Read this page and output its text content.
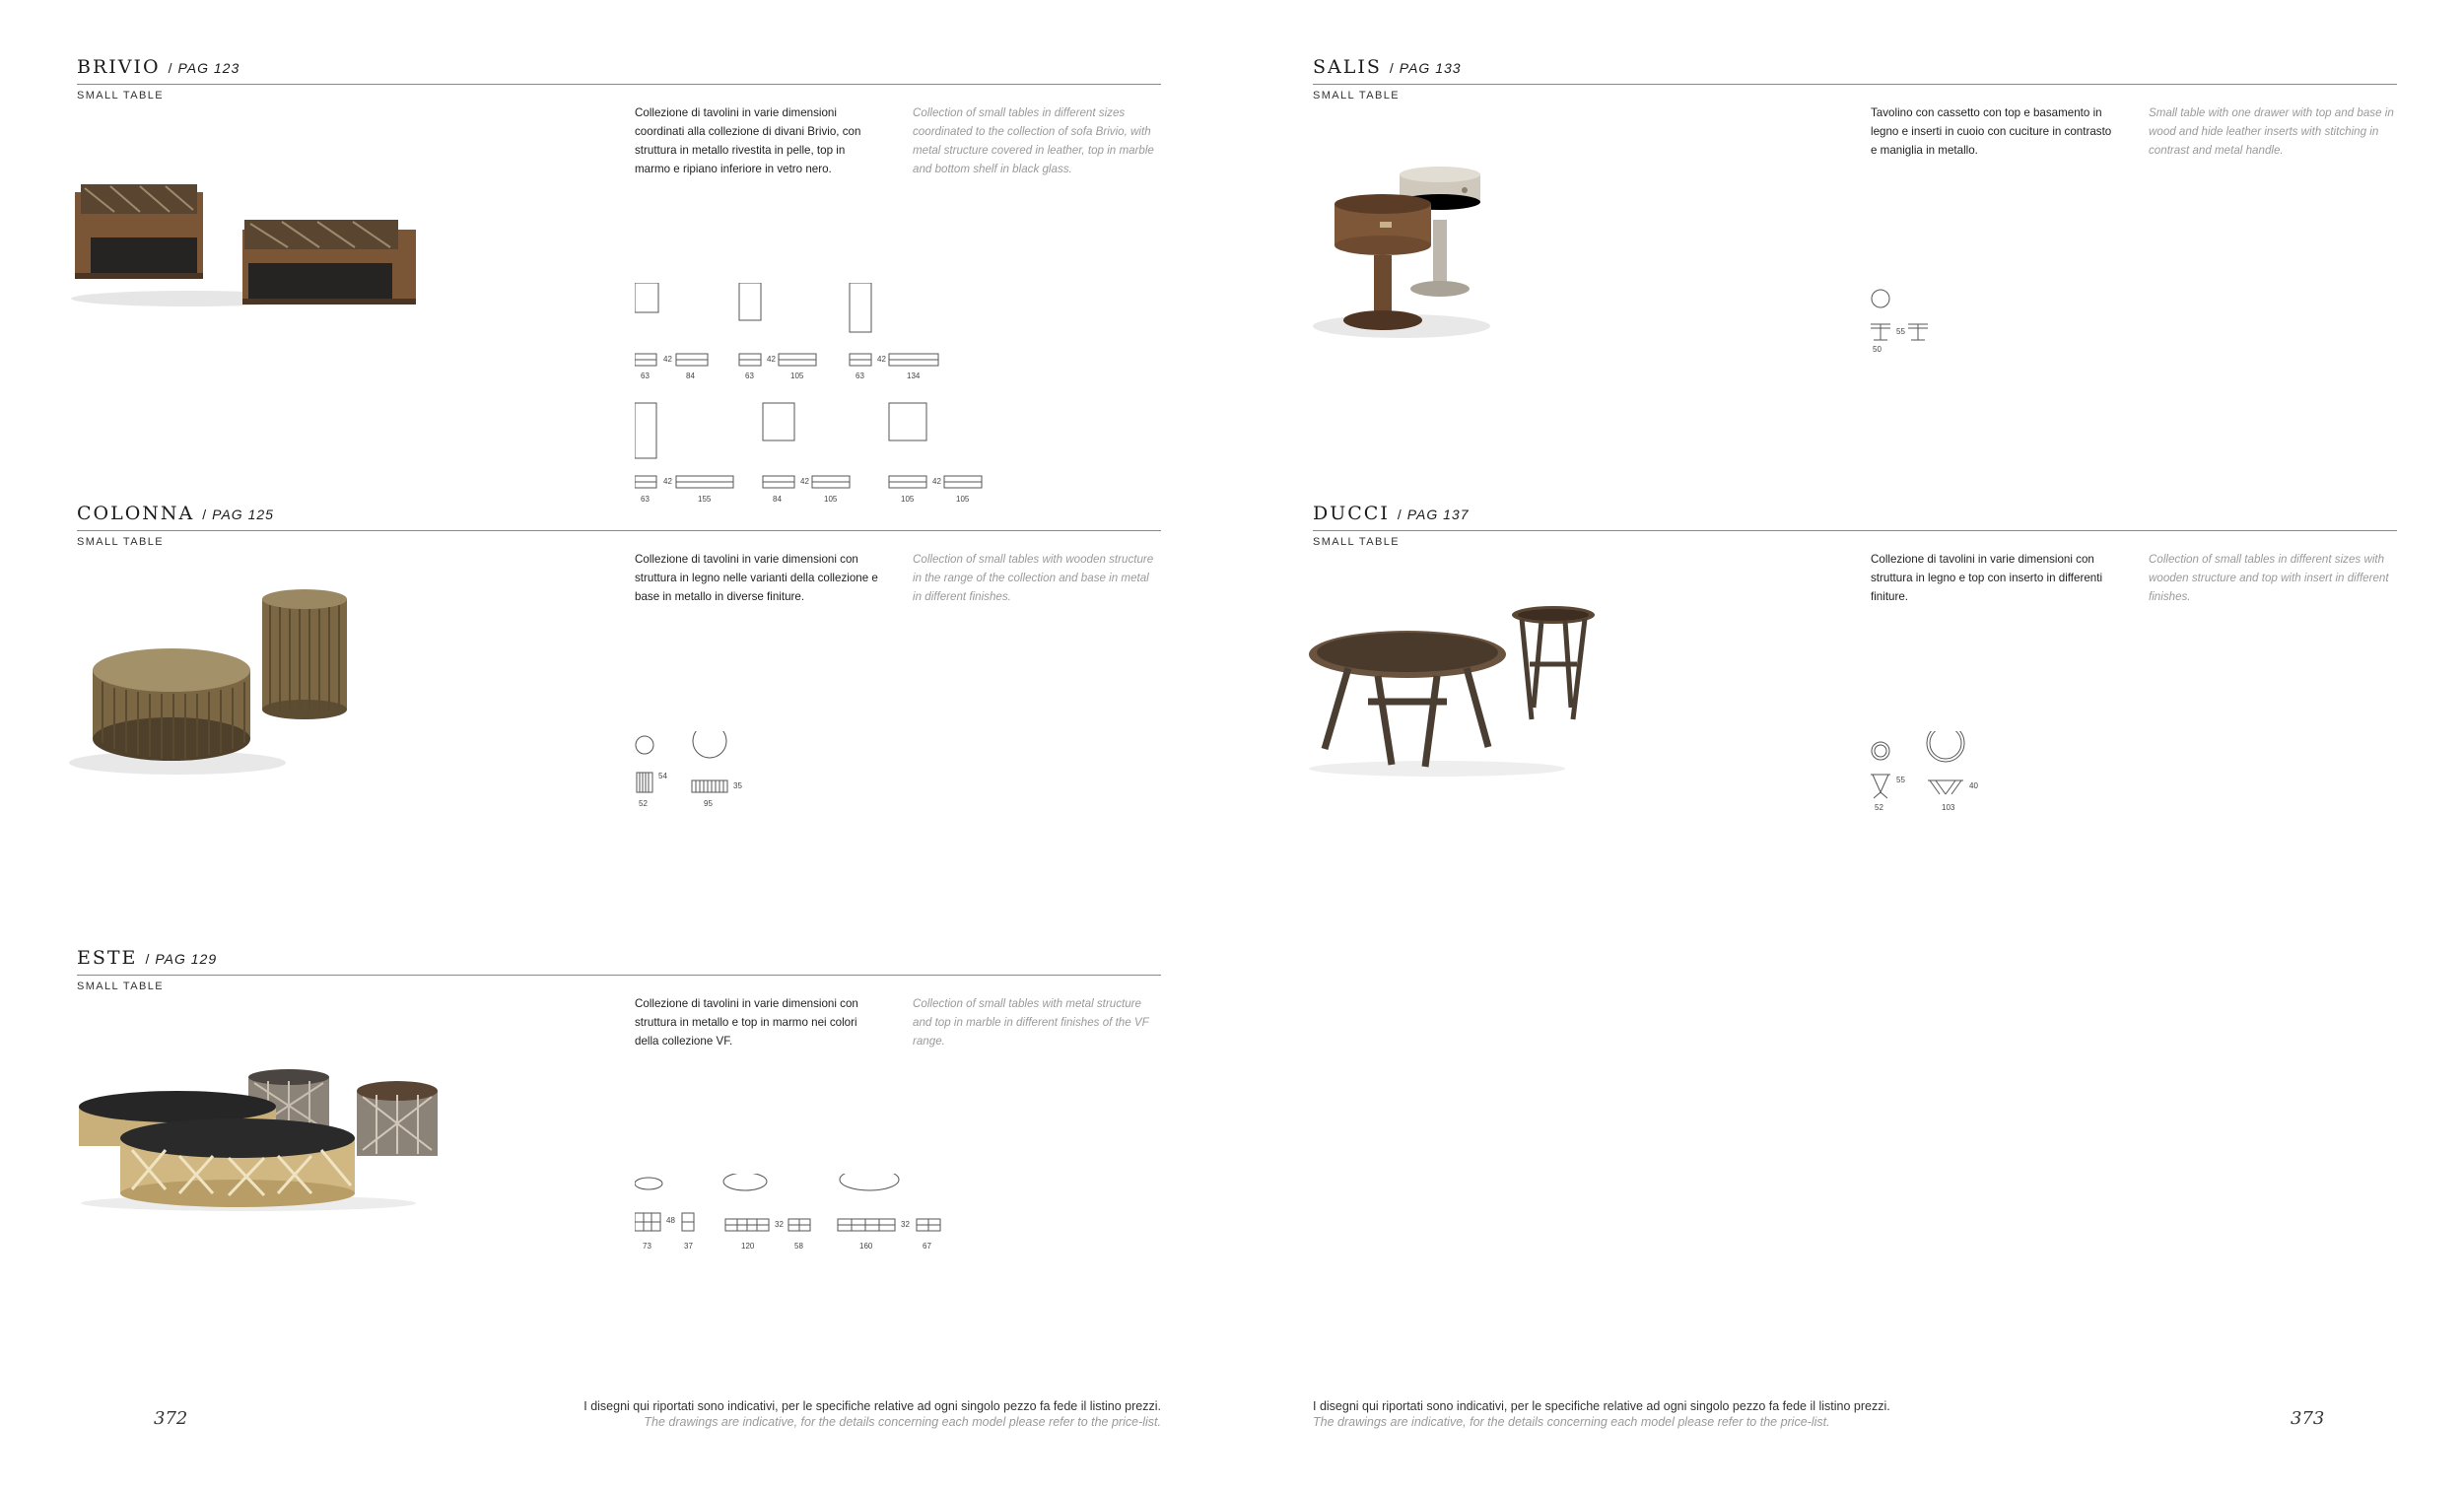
BRIVIO / PAG 123
SMALL TABLE
Collezione di tavolini in varie dimensioni coordinati alla collezione di divani Brivio, con struttura in metallo rivestita in pelle, top in marmo e ripiano inferiore in vetro nero.
Collection of small tables in different sizes coordinated to the collection of sofa Brivio, with metal structure covered in leather, top in marble and bottom shelf in black glass.
42
63	84
42
63	105
42
63	134
42
63	155
42
84	105
42
105	105
COLONNA / PAG 125
SMALL TABLE
Collezione di tavolini in varie dimensioni con struttura in legno nelle varianti della collezione e base in metallo in diverse finiture.
Collection of small tables with wooden structure in the range of the collection and base in metal in different finishes.
54
52
35
95
ESTE / PAG 129
SMALL TABLE
Collezione di tavolini in varie dimensioni con struttura in metallo e top in marmo nei colori della collezione VF.
Collection of small tables with metal structure and top in marble in different finishes of the VF range.
48
73	37
32
120	58
32
160	67
372
I disegni qui riportati sono indicativi, per le specifiche relative ad ogni singolo pezzo fa fede il listino prezzi.
The drawings are indicative, for the details concerning each model please refer to the price-list.
SALIS / PAG 133
SMALL TABLE
Tavolino con cassetto con top e basamento in legno e inserti in cuoio con cuciture in contrasto e maniglia in metallo.
Small table with one drawer with top and base in wood and hide leather inserts with stitching in contrast and metal handle.
55
50
DUCCI / PAG 137
SMALL TABLE
Collezione di tavolini in varie dimensioni con struttura in legno e top con inserto in differenti finiture.
Collection of small tables in different sizes with wooden structure and top with insert in different finishes.
55
52
40
103
I disegni qui riportati sono indicativi, per le specifiche relative ad ogni singolo pezzo fa fede il listino prezzi.
The drawings are indicative, for the details concerning each model please refer to the price-list.	373
